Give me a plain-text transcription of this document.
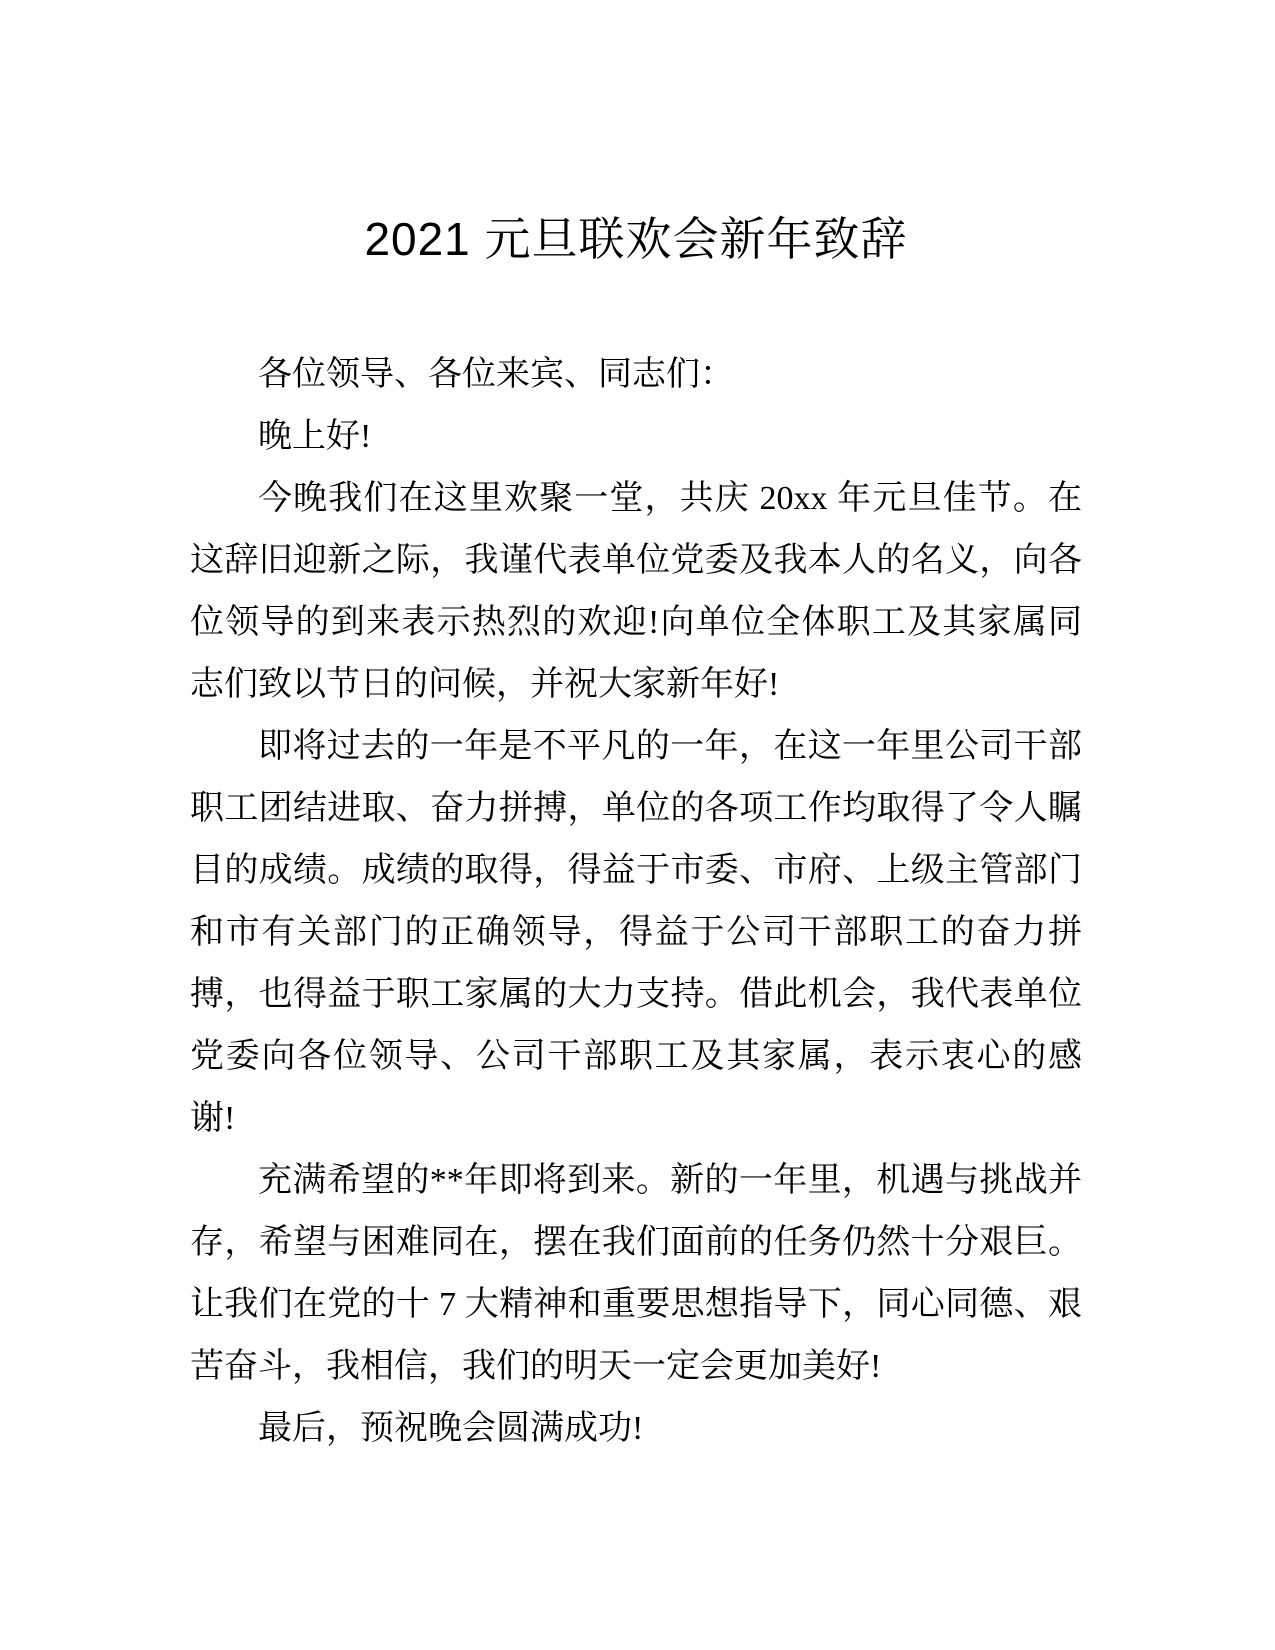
2021 元旦联欢会新年致辞

各位领导、各位来宾、同志们：

晚上好!

今晚我们在这里欢聚一堂，共庆 20xx 年元旦佳节。在这辞旧迎新之际，我谨代表单位党委及我本人的名义，向各位领导的到来表示热烈的欢迎!向单位全体职工及其家属同志们致以节日的问候，并祝大家新年好!

即将过去的一年是不平凡的一年，在这一年里公司干部职工团结进取、奋力拼搏，单位的各项工作均取得了令人瞩目的成绩。成绩的取得，得益于市委、市府、上级主管部门和市有关部门的正确领导，得益于公司干部职工的奋力拼搏，也得益于职工家属的大力支持。借此机会，我代表单位党委向各位领导、公司干部职工及其家属，表示衷心的感谢!

充满希望的**年即将到来。新的一年里，机遇与挑战并存，希望与困难同在，摆在我们面前的任务仍然十分艰巨。让我们在党的十 7 大精神和重要思想指导下，同心同德、艰苦奋斗，我相信，我们的明天一定会更加美好!

最后，预祝晚会圆满成功!
